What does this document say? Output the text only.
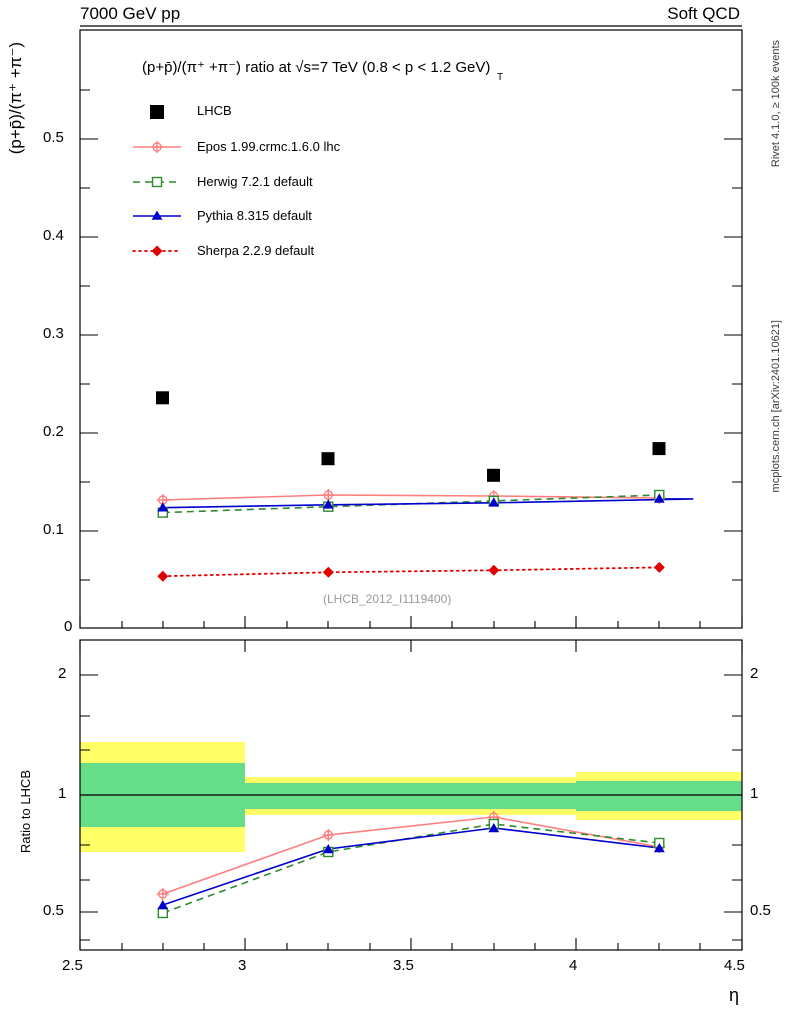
7000 GeV pp	Soft QCD
Rivet 4.1.0, ≥ 100k events
mcplots.cern.ch [arXiv:2401.10621]
(p+p̄)/(π⁺ +π⁻)
Ratio to LHCB
(p+p̄)/(π⁺ +π⁻) ratio at √s=7 TeV (0.8 < p < 1.2 GeV)
T
0.5
0.4
0.3
0.2
0.1
0
LHCB
Epos 1.99.crmc.1.6.0 lhc
Herwig 7.2.1 default
Pythia 8.315 default
Sherpa 2.2.9 default
(LHCB_2012_I1119400)
2
1
0.5
2
1
0.5
2.5	3	3.5	4	4.5
η
